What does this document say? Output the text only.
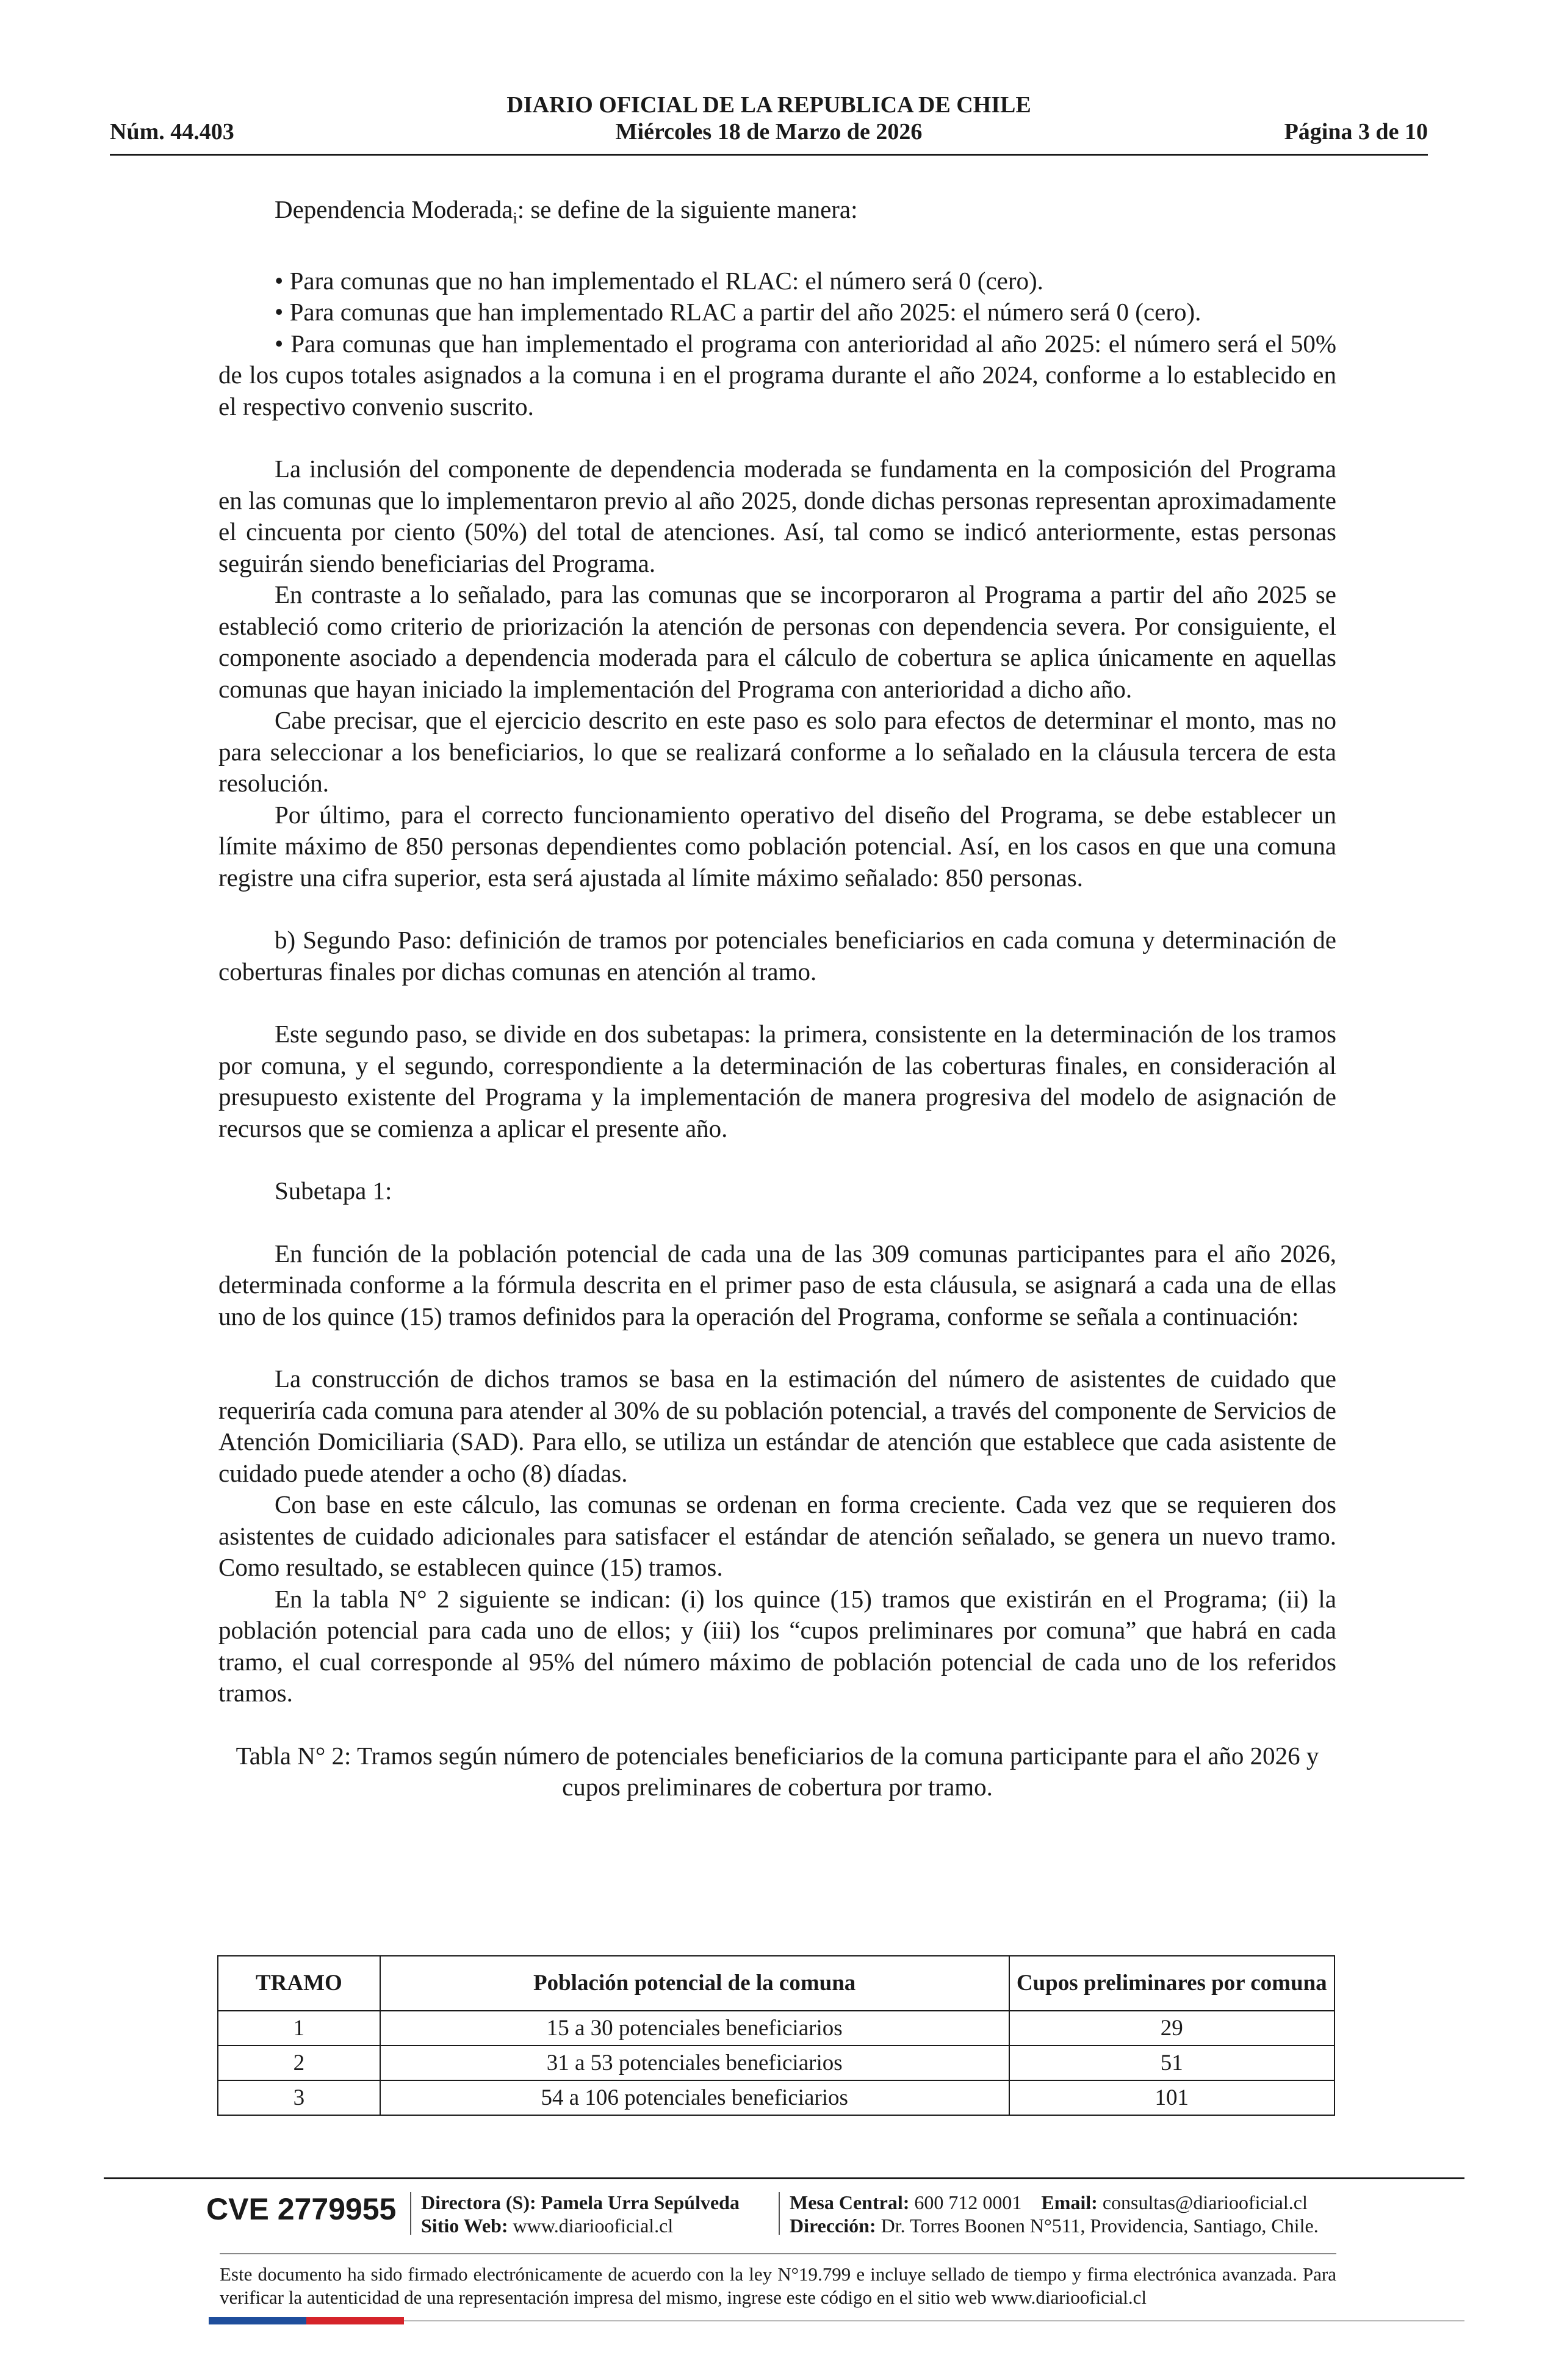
DIARIO OFICIAL DE LA REPUBLICA DE CHILE
Núm. 44.403	Miércoles 18 de Marzo de 2026	Página 3 de 10

Dependencia Moderada$_i$: se define de la siguiente manera:

• Para comunas que no han implementado el RLAC: el número será 0 (cero).

• Para comunas que han implementado RLAC a partir del año 2025: el número será 0 (cero).

• Para comunas que han implementado el programa con anterioridad al año 2025: el número será el 50% de los cupos totales asignados a la comuna i en el programa durante el año 2024, conforme a lo establecido en el respectivo convenio suscrito.

La inclusión del componente de dependencia moderada se fundamenta en la composición del Programa en las comunas que lo implementaron previo al año 2025, donde dichas personas representan aproximadamente el cincuenta por ciento (50%) del total de atenciones. Así, tal como se indicó anteriormente, estas personas seguirán siendo beneficiarias del Programa.

En contraste a lo señalado, para las comunas que se incorporaron al Programa a partir del año 2025 se estableció como criterio de priorización la atención de personas con dependencia severa. Por consiguiente, el componente asociado a dependencia moderada para el cálculo de cobertura se aplica únicamente en aquellas comunas que hayan iniciado la implementación del Programa con anterioridad a dicho año.

Cabe precisar, que el ejercicio descrito en este paso es solo para efectos de determinar el monto, mas no para seleccionar a los beneficiarios, lo que se realizará conforme a lo señalado en la cláusula tercera de esta resolución.

Por último, para el correcto funcionamiento operativo del diseño del Programa, se debe establecer un límite máximo de 850 personas dependientes como población potencial. Así, en los casos en que una comuna registre una cifra superior, esta será ajustada al límite máximo señalado: 850 personas.

b) Segundo Paso: definición de tramos por potenciales beneficiarios en cada comuna y determinación de coberturas finales por dichas comunas en atención al tramo.

Este segundo paso, se divide en dos subetapas: la primera, consistente en la determinación de los tramos por comuna, y el segundo, correspondiente a la determinación de las coberturas finales, en consideración al presupuesto existente del Programa y la implementación de manera progresiva del modelo de asignación de recursos que se comienza a aplicar el presente año.

Subetapa 1:

En función de la población potencial de cada una de las 309 comunas participantes para el año 2026, determinada conforme a la fórmula descrita en el primer paso de esta cláusula, se asignará a cada una de ellas uno de los quince (15) tramos definidos para la operación del Programa, conforme se señala a continuación:

La construcción de dichos tramos se basa en la estimación del número de asistentes de cuidado que requeriría cada comuna para atender al 30% de su población potencial, a través del componente de Servicios de Atención Domiciliaria (SAD). Para ello, se utiliza un estándar de atención que establece que cada asistente de cuidado puede atender a ocho (8) díadas.

Con base en este cálculo, las comunas se ordenan en forma creciente. Cada vez que se requieren dos asistentes de cuidado adicionales para satisfacer el estándar de atención señalado, se genera un nuevo tramo. Como resultado, se establecen quince (15) tramos.

En la tabla N° 2 siguiente se indican: (i) los quince (15) tramos que existirán en el Programa; (ii) la población potencial para cada uno de ellos; y (iii) los “cupos preliminares por comuna” que habrá en cada tramo, el cual corresponde al 95% del número máximo de población potencial de cada uno de los referidos tramos.

Tabla N° 2: Tramos según número de potenciales beneficiarios de la comuna participante para el año 2026 y cupos preliminares de cobertura por tramo.

TRAMO	Población potencial de la comuna	Cupos preliminares por comuna
1	15 a 30 potenciales beneficiarios	29
2	31 a 53 potenciales beneficiarios	51
3	54 a 106 potenciales beneficiarios	101
CVE 2779955 Directora (S): Pamela Urra Sepúlveda
Sitio Web: www.diariooficial.cl
Mesa Central: 600 712 0001 Email: consultas@diariooficial.cl
Dirección: Dr. Torres Boonen N°511, Providencia, Santiago, Chile.
Este documento ha sido firmado electrónicamente de acuerdo con la ley N°19.799 e incluye sellado de tiempo y firma electrónica avanzada. Para verificar la autenticidad de una representación impresa del mismo, ingrese este código en el sitio web www.diariooficial.cl
